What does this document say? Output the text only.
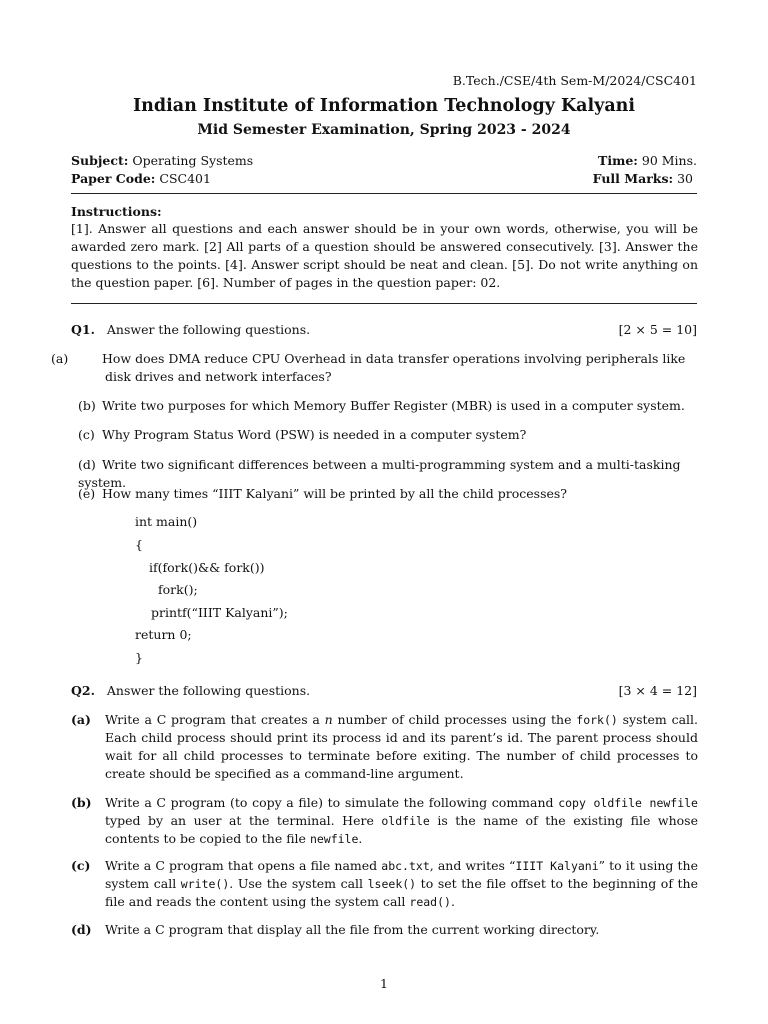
B.Tech./CSE/4th Sem-M/2024/CSC401
Indian Institute of Information Technology Kalyani
Mid Semester Examination, Spring 2023 - 2024
Subject: Operating Systems
Paper Code: CSC401
Time: 90 Mins.
Full Marks: 30
Instructions:
[1]. Answer all questions and each answer should be in your own words, otherwise, you will be awarded zero mark. [2] All parts of a question should be answered consecutively. [3]. Answer the questions to the points. [4]. Answer script should be neat and clean. [5]. Do not write anything on the question paper. [6]. Number of pages in the question paper: 02.
Q1. Answer the following questions.	[2 × 5 = 10]
(a)	How does DMA reduce CPU Overhead in data transfer operations involving peripherals like disk drives and network interfaces?
(b) Write two purposes for which Memory Buffer Register (MBR) is used in a computer system.
(c) Why Program Status Word (PSW) is needed in a computer system?
(d) Write two significant differences between a multi-programming system and a multi-tasking system.
(e) How many times “IIIT Kalyani” will be printed by all the child processes?
int main()
{
if(fork()&& fork())
fork();
printf(“IIIT Kalyani”);
return 0;
}
Q2. Answer the following questions.	[3 × 4 = 12]
(a) Write a C program that creates a n number of child processes using the fork() system call. Each child process should print its process id and its parent’s id. The parent process should wait for all child processes to terminate before exiting. The number of child processes to create should be specified as a command-line argument.
(b) Write a C program (to copy a file) to simulate the following command copy oldfile newfile typed by an user at the terminal. Here oldfile is the name of the existing file whose contents to be copied to the file newfile.
(c) Write a C program that opens a file named abc.txt, and writes “IIIT Kalyani” to it using the system call write(). Use the system call lseek() to set the file offset to the beginning of the file and reads the content using the system call read().
(d) Write a C program that display all the file from the current working directory.
1
